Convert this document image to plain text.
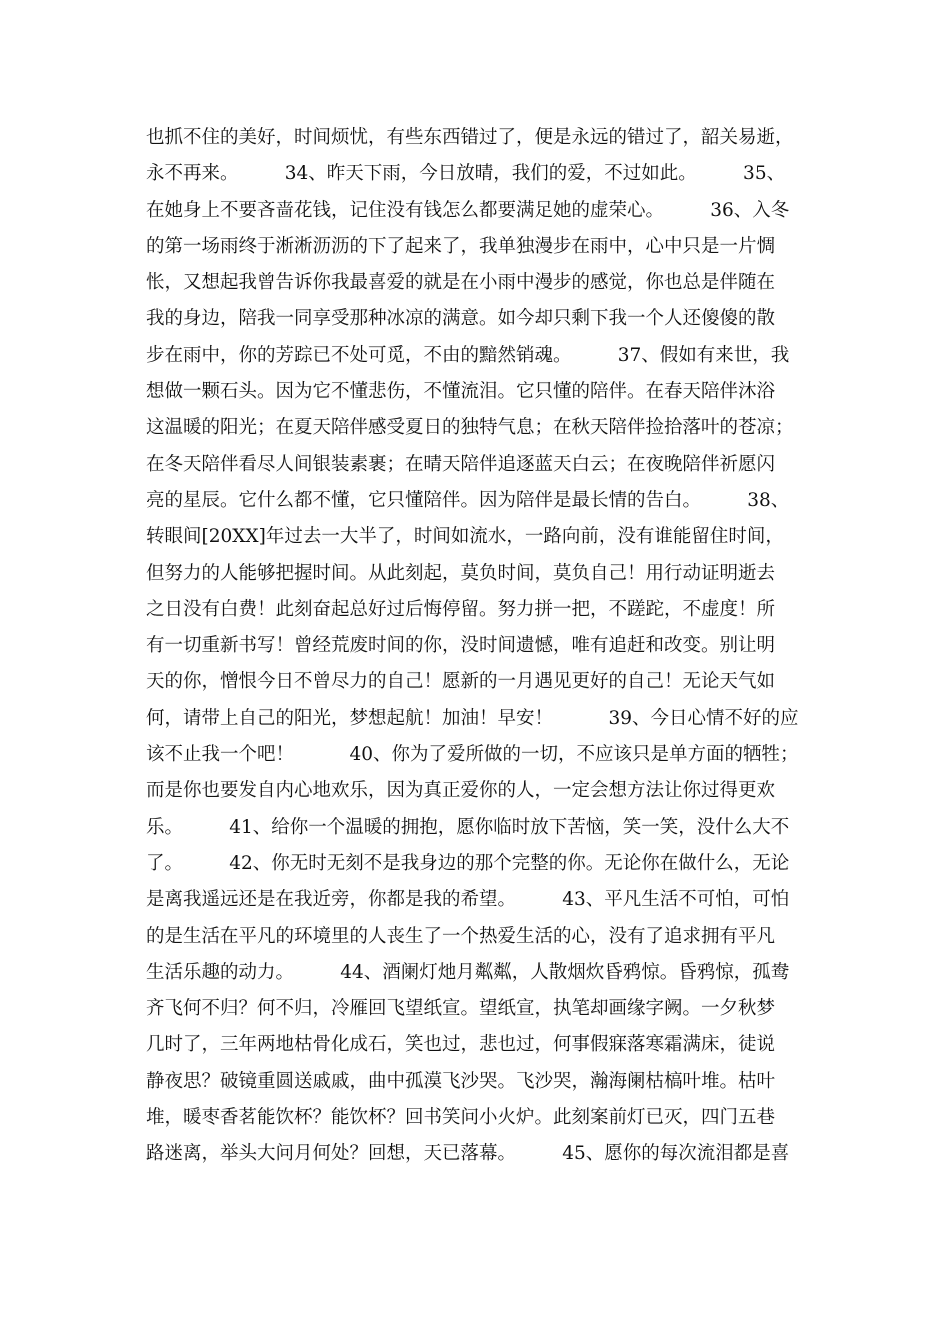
也抓不住的美好，时间烦忧，有些东西错过了，便是永远的错过了，韶关易逝，

永不再来。　　　34、昨天下雨，今日放晴，我们的爱，不过如此。　　　35、

在她身上不要吝啬花钱，记住没有钱怎么都要满足她的虚荣心。　　　36、入冬

的第一场雨终于淅淅沥沥的下了起来了，我单独漫步在雨中，心中只是一片惆

怅，又想起我曾告诉你我最喜爱的就是在小雨中漫步的感觉，你也总是伴随在

我的身边，陪我一同享受那种冰凉的满意。如今却只剩下我一个人还傻傻的散

步在雨中，你的芳踪已不处可觅，不由的黯然销魂。　　　37、假如有来世，我

想做一颗石头。因为它不懂悲伤，不懂流泪。它只懂的陪伴。在春天陪伴沐浴

这温暖的阳光；在夏天陪伴感受夏日的独特气息；在秋天陪伴捡拾落叶的苍凉；

在冬天陪伴看尽人间银装素裹；在晴天陪伴追逐蓝天白云；在夜晚陪伴祈愿闪

亮的星辰。它什么都不懂，它只懂陪伴。因为陪伴是最长情的告白。　　　38、

转眼间[20XX]年过去一大半了，时间如流水，一路向前，没有谁能留住时间，

但努力的人能够把握时间。从此刻起，莫负时间，莫负自己！用行动证明逝去

之日没有白费！此刻奋起总好过后悔停留。努力拼一把，不蹉跎，不虚度！所

有一切重新书写！曾经荒废时间的你，没时间遗憾，唯有追赶和改变。别让明

天的你，憎恨今日不曾尽力的自己！愿新的一月遇见更好的自己！无论天气如

何，请带上自己的阳光，梦想起航！加油！早安！　　　39、今日心情不好的应

该不止我一个吧！　　　40、你为了爱所做的一切，不应该只是单方面的牺牲；

而是你也要发自内心地欢乐，因为真正爱你的人，一定会想方法让你过得更欢

乐。　　　41、给你一个温暖的拥抱，愿你临时放下苦恼，笑一笑，没什么大不

了。　　　42、你无时无刻不是我身边的那个完整的你。无论你在做什么，无论

是离我遥远还是在我近旁，你都是我的希望。　　　43、平凡生活不可怕，可怕

的是生活在平凡的环境里的人丧生了一个热爱生活的心，没有了追求拥有平凡

生活乐趣的动力。　　　44、酒阑灯灺月粼粼，人散烟炊昏鸦惊。昏鸦惊，孤鸯

齐飞何不归？何不归，冷雁回飞望纸宣。望纸宣，执笔却画缘字阙。一夕秋梦

几时了，三年两地枯骨化成石，笑也过，悲也过，何事假寐落寒霜满床，徒说

静夜思？破镜重圆送戚戚，曲中孤漠飞沙哭。飞沙哭，瀚海阑枯槁叶堆。枯叶

堆，暖枣香茗能饮杯？能饮杯？回书笑问小火炉。此刻案前灯已灭，四门五巷

路迷离，举头大问月何处？回想，天已落幕。　　　45、愿你的每次流泪都是喜
